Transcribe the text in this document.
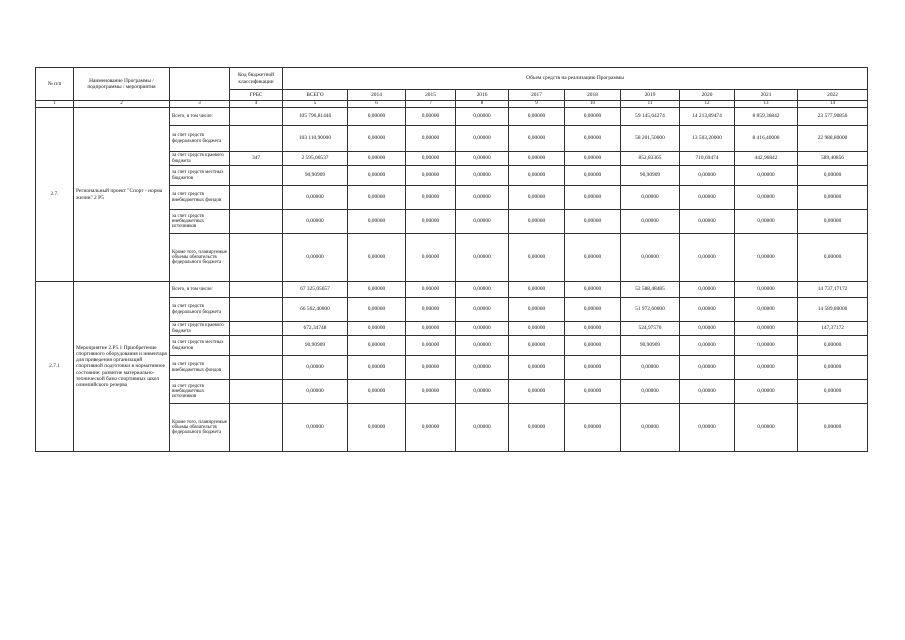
№ п/п	Наименование Программы / подпрограммы / мероприятия		Код бюджетной классификации	Объем средств на реализацию Программы									
			ГРБС	ВСЕГО	2014	2015	2016	2017	2018	2019	2020	2021	2022
1	2	3	4	5	6	7	8	9	10	11	12	13	14
2.7.	Региональный проект "Спорт - норма жизни" 2 P5	Всего, в том числе:		105 796,81446	0,00000	0,00000	0,00000	0,00000	0,00000	59 145,64274	14 213,89474	8 859,36842	23 577,90856
		за счет средств федерального бюджета		103 110,90000	0,00000	0,00000	0,00000	0,00000	0,00000	58 201,50000	13 503,20000	8 416,40000	22 988,80000
		за счет средств краевого бюджета	347	2 595,00537	0,00000	0,00000	0,00000	0,00000	0,00000	852,83365	710,69474	442,96842	589,40856
		за счет средств местных бюджетов		90,90909	0,00000	0,00000	0,00000	0,00000	0,00000	90,90909	0,00000	0,00000	0,00000
		за счет средств внебюджетных фондов		0,00000	0,00000	0,00000	0,00000	0,00000	0,00000	0,00000	0,00000	0,00000	0,00000
		за счет средств внебюджетных источников		0,00000	0,00000	0,00000	0,00000	0,00000	0,00000	0,00000	0,00000	0,00000	0,00000
		Кроме того, планируемые объемы обязательств федерального бюджета		0,00000	0,00000	0,00000	0,00000	0,00000	0,00000	0,00000	0,00000	0,00000	0,00000
2.7.1	Мероприятие 2.P5.1 Приобретение спортивного оборудования и инвентаря для приведения организаций спортивной подготовки в нормативное состояние: развитие материально-технической базы спортивных школ олимпийского резерва	Всего, в том числе:		67 325,05657	0,00000	0,00000	0,00000	0,00000	0,00000	52 588,48485	0,00000	0,00000	14 737,17172
		за счет средств федерального бюджета		66 562,40000	0,00000	0,00000	0,00000	0,00000	0,00000	51 972,60000	0,00000	0,00000	14 589,80000
		за счет средств краевого бюджета		672,34748	0,00000	0,00000	0,00000	0,00000	0,00000	524,97576	0,00000	0,00000	147,37172
		за счет средств местных бюджетов		90,90909	0,00000	0,00000	0,00000	0,00000	0,00000	90,90909	0,00000	0,00000	0,00000
		за счет средств внебюджетных фондов		0,00000	0,00000	0,00000	0,00000	0,00000	0,00000	0,00000	0,00000	0,00000	0,00000
		за счет средств внебюджетных источников		0,00000	0,00000	0,00000	0,00000	0,00000	0,00000	0,00000	0,00000	0,00000	0,00000
		Кроме того, планируемые объемы обязательств федерального бюджета		0,00000	0,00000	0,00000	0,00000	0,00000	0,00000	0,00000	0,00000	0,00000	0,00000
